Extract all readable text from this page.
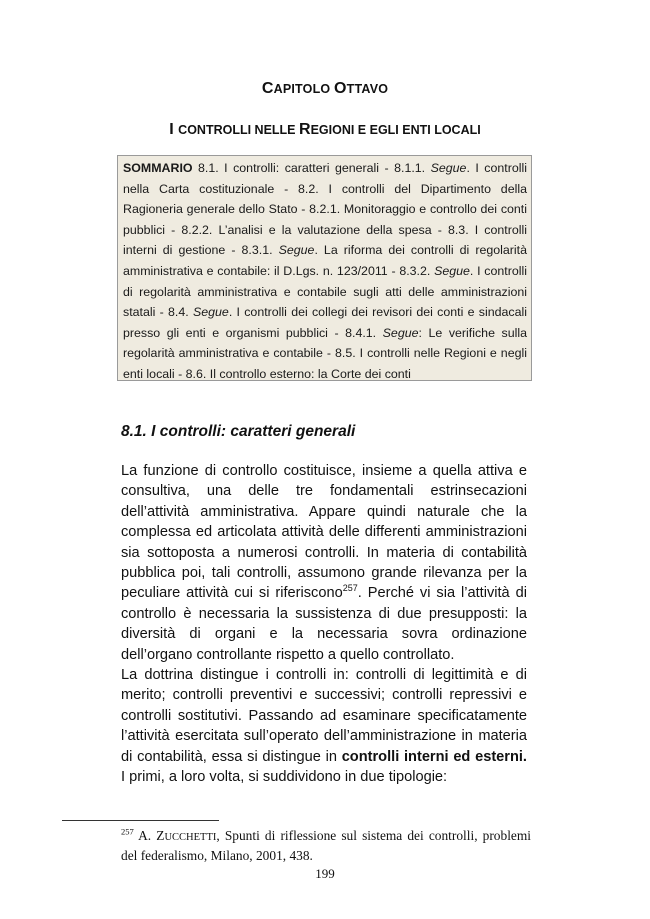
CAPITOLO OTTAVO
I CONTROLLI NELLE REGIONI E EGLI ENTI LOCALI
SOMMARIO 8.1. I controlli: caratteri generali - 8.1.1. Segue. I controlli nella Carta costituzionale - 8.2. I controlli del Dipartimento della Ragioneria generale dello Stato - 8.2.1. Monitoraggio e controllo dei conti pubblici - 8.2.2. L’analisi e la valutazione della spesa - 8.3. I controlli interni di gestione - 8.3.1. Segue. La riforma dei controlli di regolarità amministrativa e contabile: il D.Lgs. n. 123/2011 - 8.3.2. Segue. I controlli di regolarità amministrativa e contabile sugli atti delle amministrazioni statali - 8.4. Segue. I controlli dei collegi dei revisori dei conti e sindacali presso gli enti e organismi pubblici - 8.4.1. Segue: Le verifiche sulla regolarità amministrativa e contabile - 8.5. I controlli nelle Regioni e negli enti locali - 8.6. Il controllo esterno: la Corte dei conti
8.1. I controlli: caratteri generali

La funzione di controllo costituisce, insieme a quella attiva e consultiva, una delle tre fondamentali estrinsecazioni dell’attività amministrativa. Appare quindi naturale che la complessa ed articolata attività delle differenti amministrazioni sia sottoposta a numerosi controlli. In materia di contabilità pubblica poi, tali controlli, assumono grande rilevanza per la peculiare attività cui si riferiscono$^{257}$. Perché vi sia l’attività di controllo è necessaria la sussistenza di due presupposti: la diversità di organi e la necessaria sovra ordinazione dell’organo controllante rispetto a quello controllato.

La dottrina distingue i controlli in: controlli di legittimità e di merito; controlli preventivi e successivi; controlli repressivi e controlli sostitutivi. Passando ad esaminare specificatamente l’attività esercitata sull’operato dell’amministrazione in materia di contabilità, essa si distingue in controlli interni ed esterni. I primi, a loro volta, si suddividono in due tipologie:

$^{257}$ A. ZUCCHETTI, Spunti di riflessione sul sistema dei controlli, problemi del federalismo, Milano, 2001, 438.
199
